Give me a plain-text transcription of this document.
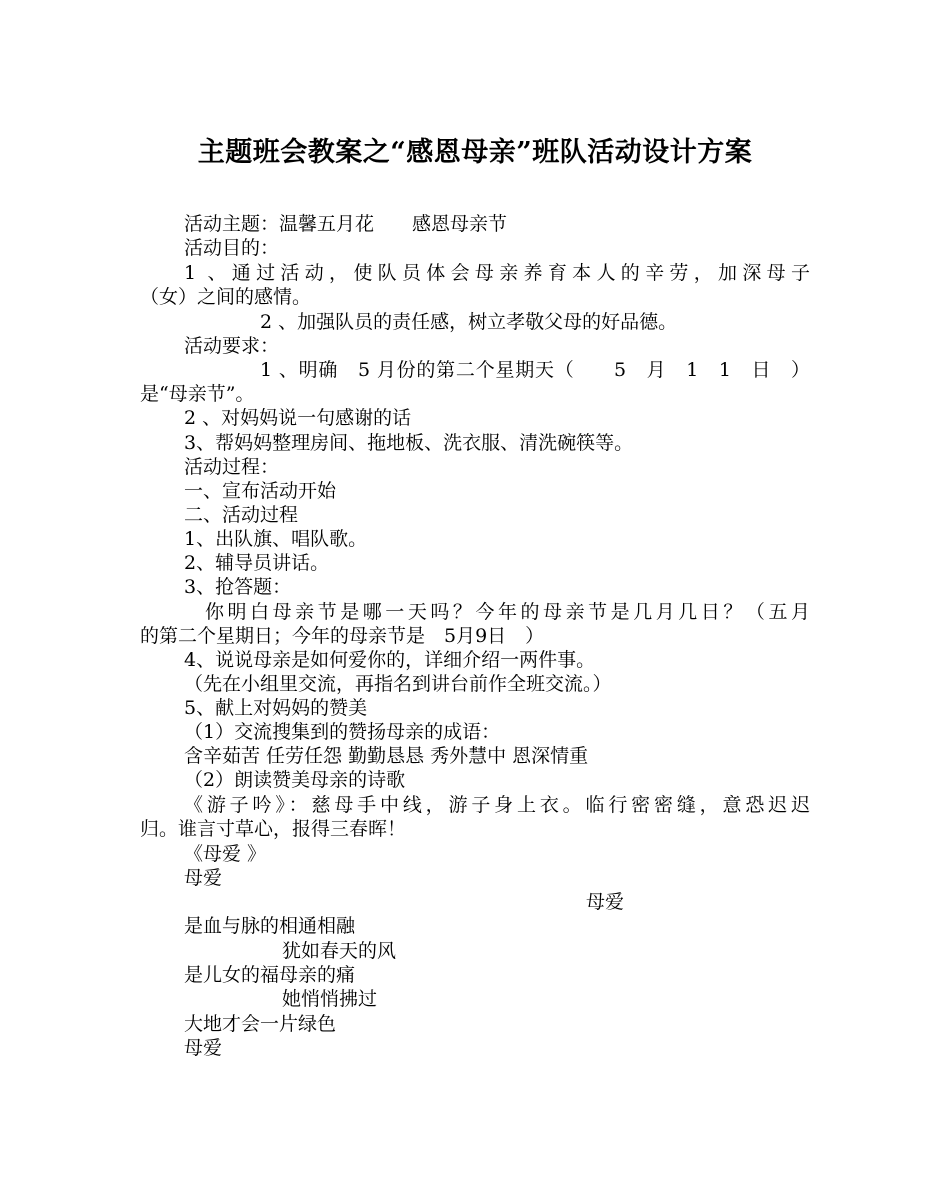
主题班会教案之“感恩母亲”班队活动设计方案
活动主题：温馨五月花　　感恩母亲节
活动目的：
1 、通过活动，使队员体会母亲养育本人的辛劳，加深母子
（女）之间的感情。
2 、加强队员的责任感，树立孝敬父母的好品德。
活动要求：
1 、明确　5 月份的第二个星期天（　　5　月　1　1　日　）
是“母亲节”。
2 、对妈妈说一句感谢的话
3、帮妈妈整理房间、拖地板、洗衣服、清洗碗筷等。
活动过程：
一、宣布活动开始
二、活动过程
1、出队旗、唱队歌。
2、辅导员讲话。
3、抢答题：
你明白母亲节是哪一天吗？今年的母亲节是几月几日？（五月
的第二个星期日；今年的母亲节是　5月9日　）
4、说说母亲是如何爱你的，详细介绍一两件事。
（先在小组里交流，再指名到讲台前作全班交流。）
5、献上对妈妈的赞美
（1）交流搜集到的赞扬母亲的成语：
含辛茹苦 任劳任怨 勤勤恳恳 秀外慧中 恩深情重
（2）朗读赞美母亲的诗歌
《游子吟》：慈母手中线，游子身上衣。临行密密缝，意恐迟迟
归。谁言寸草心，报得三春晖！
《母爱 》
母爱
母爱
是血与脉的相通相融
犹如春天的风
是儿女的福母亲的痛
她悄悄拂过
大地才会一片绿色
母爱
